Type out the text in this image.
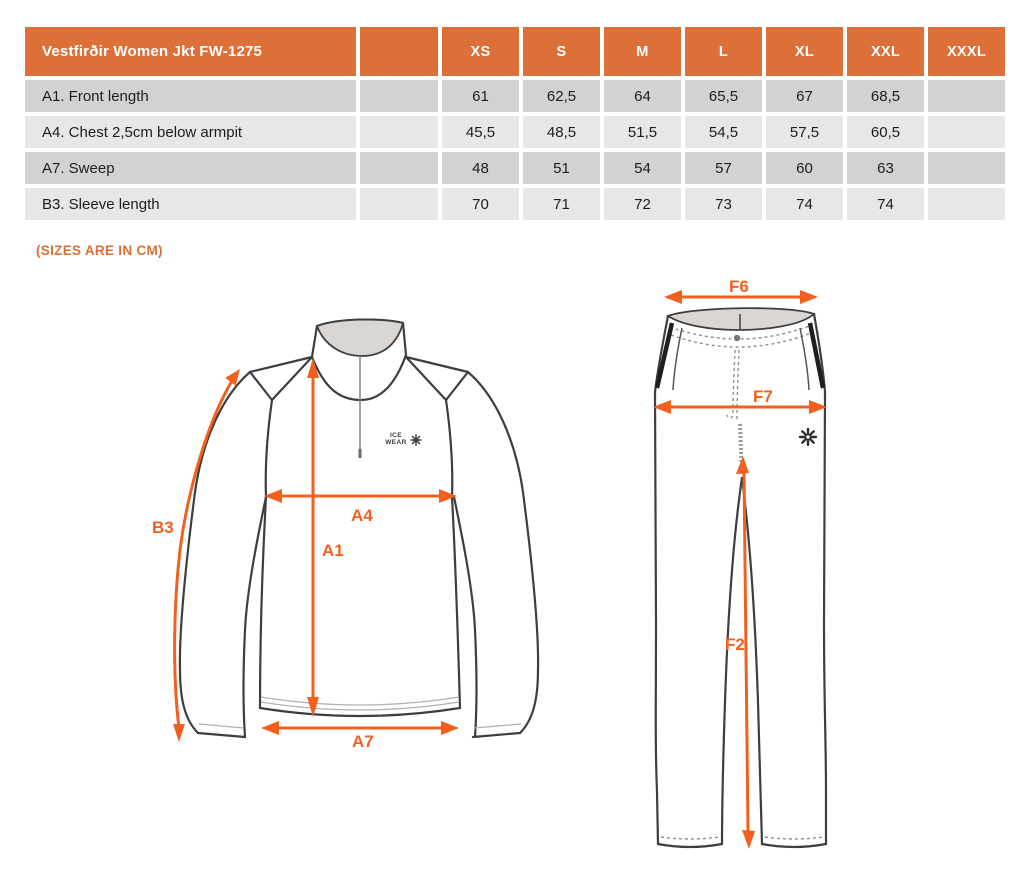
Vestfirðir Women Jkt FW-1275	XS	S	M	L	XL	XXL	XXXL
A1. Front length	61	62,5	64	65,5	67	68,5
A4. Chest 2,5cm below armpit	45,5	48,5	51,5	54,5	57,5	60,5
A7. Sweep	48	51	54	57	60	63
B3. Sleeve length	70	71	72	73	74	74
(SIZES ARE IN CM)
ICE
WEAR
B3
A1
A4
A7
F6
F7
F2
